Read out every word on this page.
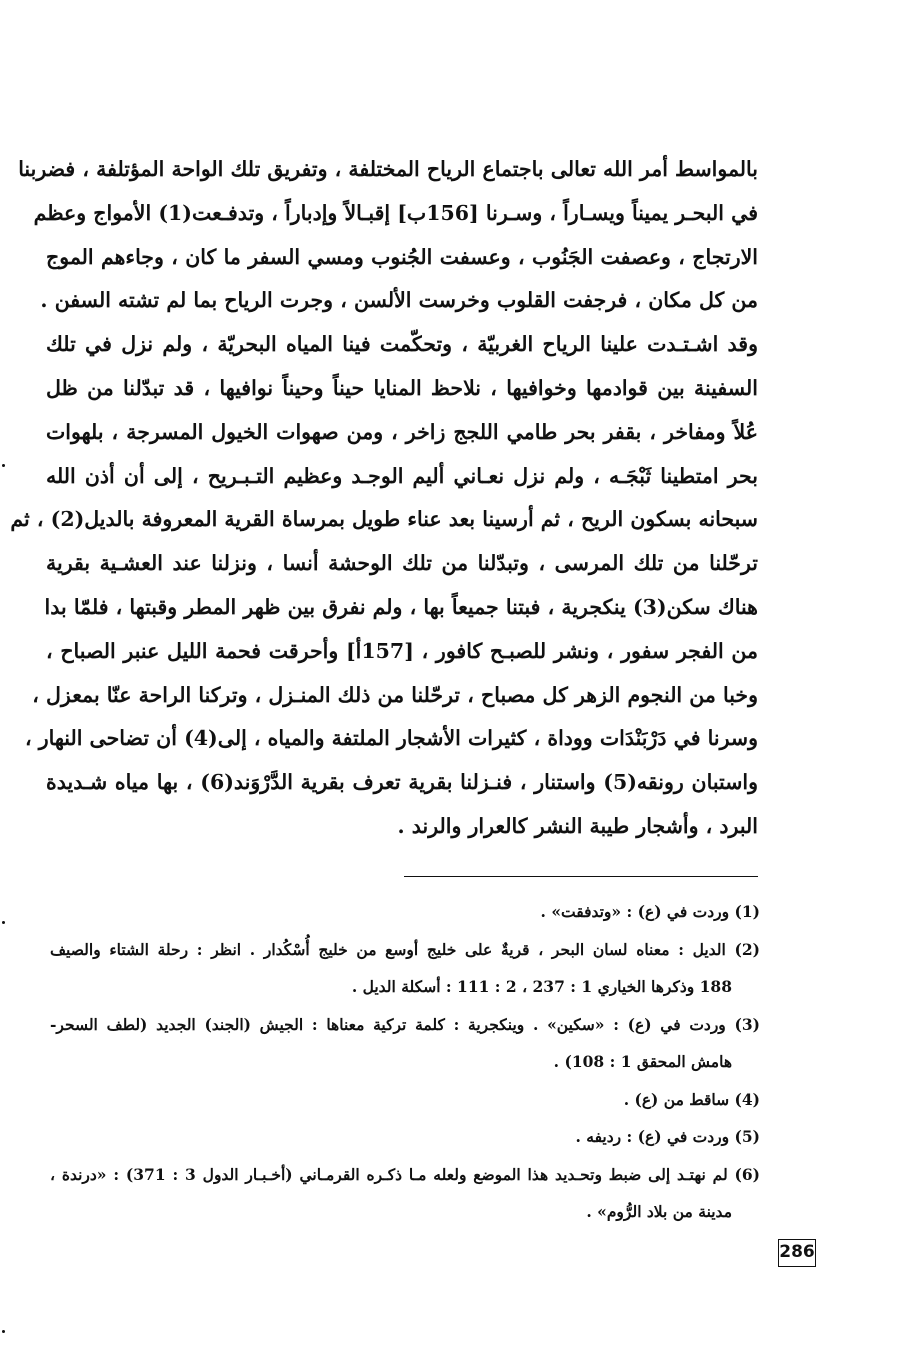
بالمواسط أمر الله تعالى باجتماع الرياح المختلفة ، وتفريق تلك الواحة المؤتلفة ، فضربنا
في البحـر يميناً ويسـاراً ، وسـرنا [156ب] إقبـالاً وإدباراً ، وتدفـعت(1) الأمواج وعظم
الارتجاج ، وعصفت الجَنُوب ، وعسفت الجُنوب ومسي السفر ما كان ، وجاءهم الموج
من كل مكان ، فرجفت القلوب وخرست الألسن ، وجرت الرياح بما لم تشته السفن .
وقد اشـتـدت علينا الرياح الغربيّة ، وتحكّمت فينا المياه البحريّة ، ولم نزل في تلك
السفينة بين قوادمها وخوافيها ، نلاحظ المنايا حيناً وحيناً نوافيها ، قد تبدّلنا من ظل
عُلاً ومفاخر ، بقفر بحر طامي اللجج زاخر ، ومن صهوات الخيول المسرجة ، بلهوات
بحر امتطينا ثَبْجَـه ، ولم نزل نعـاني أليم الوجـد وعظيم التـبـريح ، إلى أن أذن الله
سبحانه بسكون الريح ، ثم أرسينا بعد عناء طويل بمرساة القرية المعروفة بالديل(2) ، ثم
ترحّلنا من تلك المرسى ، وتبدّلنا من تلك الوحشة أنسا ، ونزلنا عند العشـية بقرية
هناك سكن(3) ينكجرية ، فبتنا جميعاً بها ، ولم نفرق بين ظهر المطر وقبتها ، فلمّا بدا
من الفجر سفور ، ونشر للصبـح كافور ، [157أ] وأحرقت فحمة الليل عنبر الصباح ،
وخبا من النجوم الزهر كل مصباح ، ترحّلنا من ذلك المنـزل ، وتركنا الراحة عنّا بمعزل ،
وسرنا في دَرْبَنْدَات ووداة ، كثيرات الأشجار الملتفة والمياه ، إلى(4) أن تضاحى النهار ،
واستبان رونقه(5) واستنار ، فنـزلنا بقرية تعرف بقرية الدَّرْوَند(6) ، بها مياه شـديدة
البرد ، وأشجار طيبة النشر كالعرار والرند .
(1) وردت في (ع) : «وتدفقت» .
(2) الديل : معناه لسان البحر ، قريةٌ على خليج أوسع من خليج أُسْكُدار . انظر : رحلة الشتاء والصيف
188 وذكرها الخياري 1 : 237 ، 2 : 111 : أسكلة الديل .
(3) وردت في (ع) : «سكين» . وينكجرية : كلمة تركية معناها : الجيش (الجند) الجديد (لطف السحر-
هامش المحقق 1 : 108) .
(4) ساقط من (ع) .
(5) وردت في (ع) : رديفه .
(6) لم نهتـد إلى ضبط وتحـديد هذا الموضع ولعله مـا ذكـره القرمـاني (أخـبـار الدول 3 : 371) : «درندة ،
مدينة من بلاد الرُّوم» .
286
